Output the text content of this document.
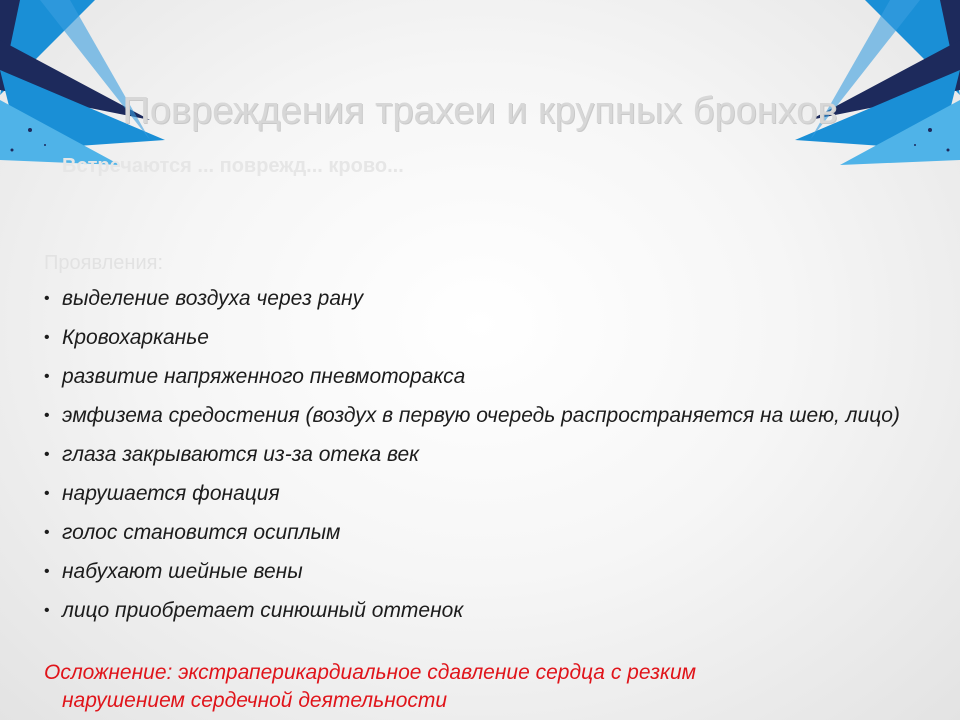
Повреждения трахеи и крупных бронхов
Встречаются ... поврежд... крово...
Проявления:
• выделение воздуха через рану
• Кровохарканье
• развитие напряженного пневмоторакса
• эмфизема средостения (воздух в первую очередь распространяется на шею, лицо)
• глаза закрываются из-за отека век
• нарушается фонация
• голос становится осиплым
• набухают шейные вены
• лицо приобретает синюшный оттенок
Осложнение: экстраперикардиальное сдавление сердца с резким
нарушением сердечной деятельности
